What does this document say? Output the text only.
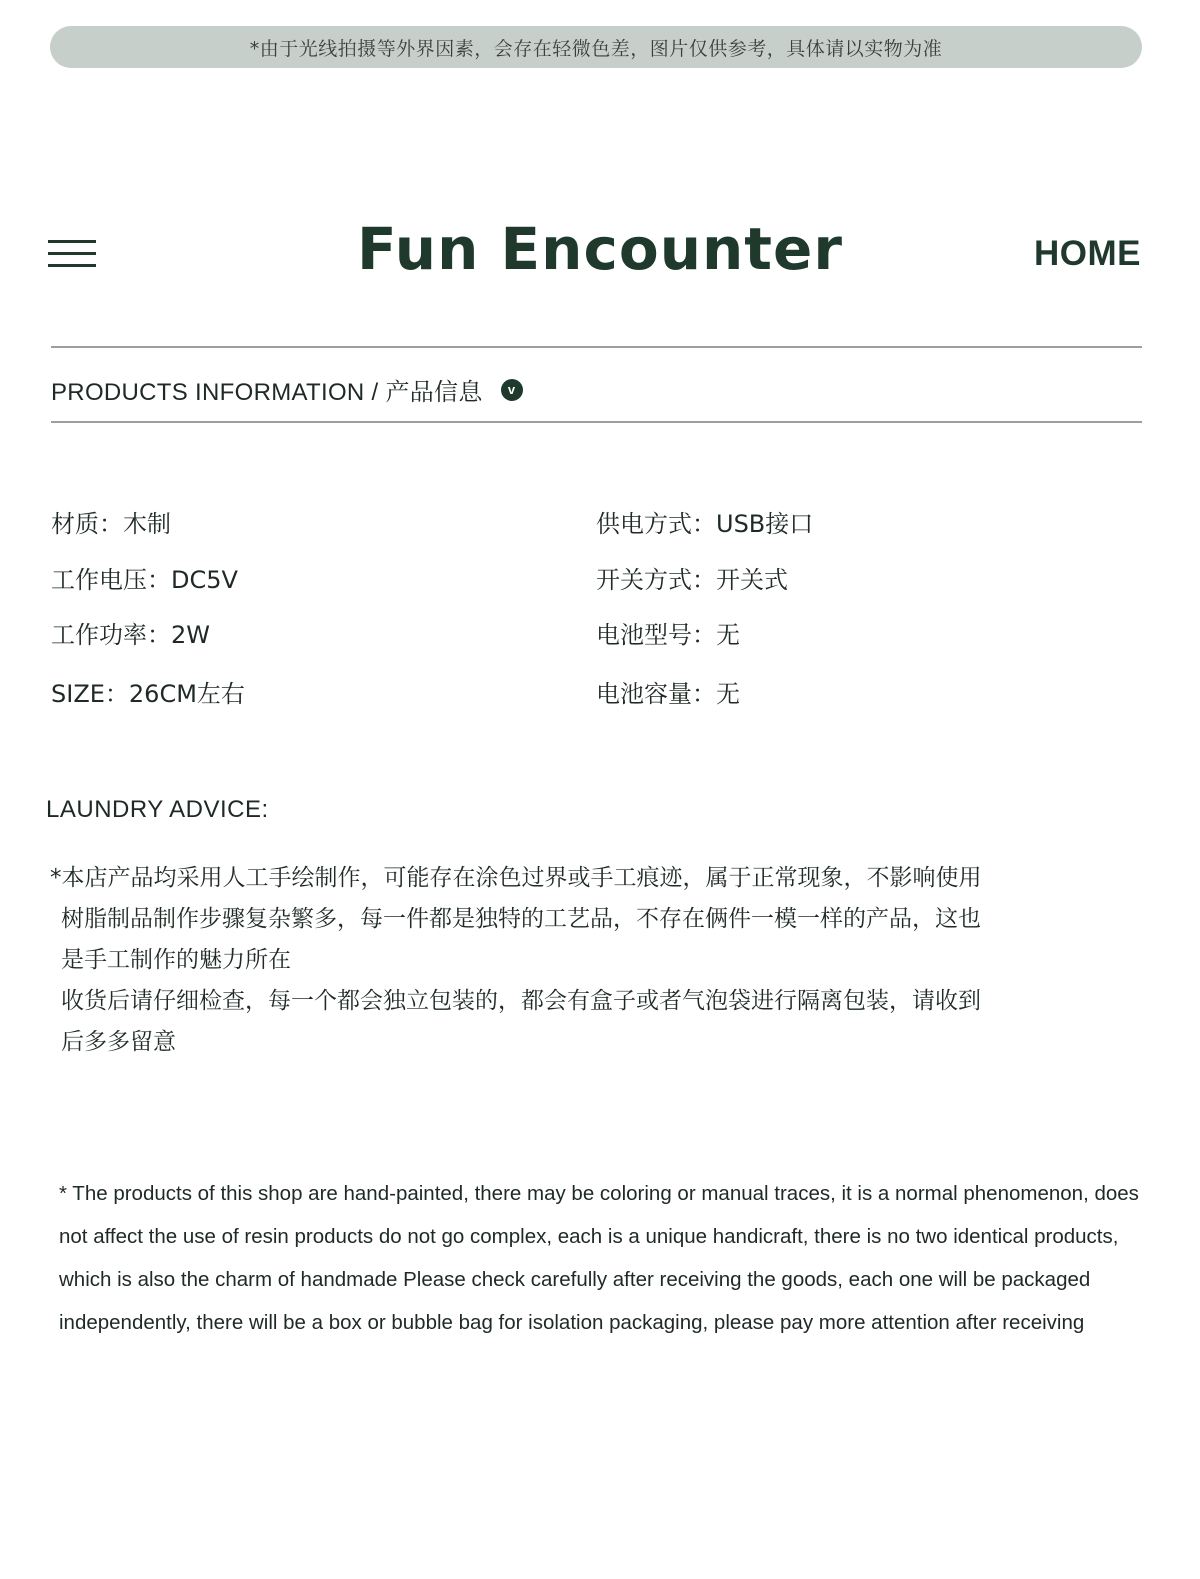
*由于光线拍摄等外界因素，会存在轻微色差，图片仅供参考，具体请以实物为准
Fun Encounter	HOME
PRODUCTS INFORMATION / 产品信息	v
材质：木制
工作电压：DC5V
工作功率：2W
SIZE：26CM左右
供电方式：USB接口
开关方式：开关式
电池型号：无
电池容量：无
LAUNDRY ADVICE:

*本店产品均采用人工手绘制作，可能存在涂色过界或手工痕迹，属于正常现象，不影响使用

树脂制品制作步骤复杂繁多，每一件都是独特的工艺品，不存在俩件一模一样的产品，这也

是手工制作的魅力所在

收货后请仔细检查，每一个都会独立包装的，都会有盒子或者气泡袋进行隔离包装，请收到

后多多留意

* The products of this shop are hand-painted, there may be coloring or manual traces, it is a normal phenomenon, does not affect the use of resin products do not go complex, each is a unique handicraft, there is no two identical products, which is also the charm of handmade Please check carefully after receiving the goods, each one will be packaged independently, there will be a box or bubble bag for isolation packaging, please pay more attention after receiving
